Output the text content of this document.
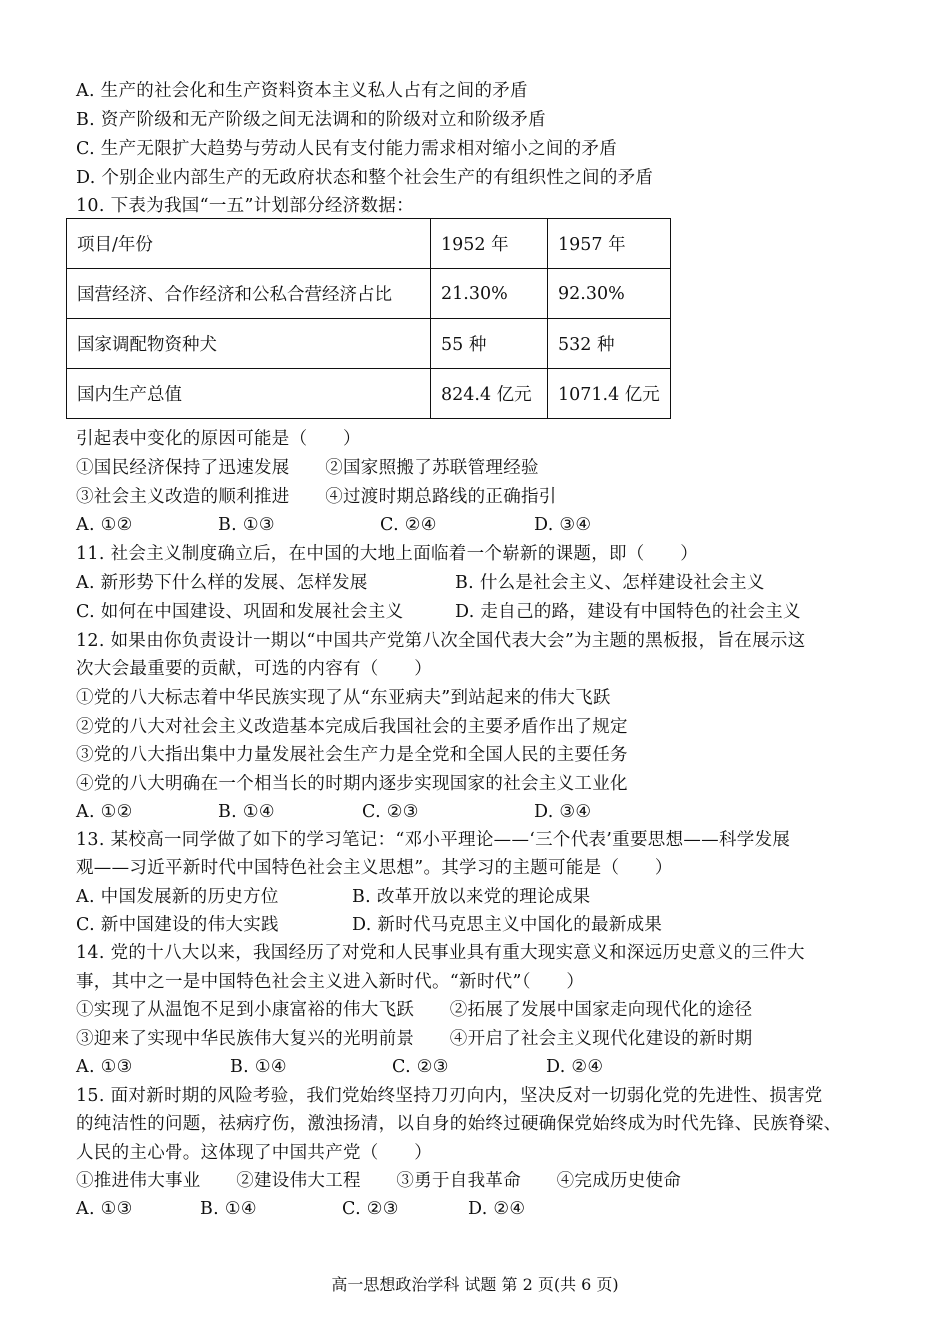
A. 生产的社会化和生产资料资本主义私人占有之间的矛盾
B. 资产阶级和无产阶级之间无法调和的阶级对立和阶级矛盾
C. 生产无限扩大趋势与劳动人民有支付能力需求相对缩小之间的矛盾
D. 个别企业内部生产的无政府状态和整个社会生产的有组织性之间的矛盾
10. 下表为我国“一五”计划部分经济数据：
项目/年份	1952 年	1957 年
国营经济、合作经济和公私合营经济占比	21.30%	92.30%
国家调配物资种犬	55 种	532 种
国内生产总值	824.4 亿元	1071.4 亿元
引起表中变化的原因可能是（　　）
①国民经济保持了迅速发展　　②国家照搬了苏联管理经验
③社会主义改造的顺利推进　　④过渡时期总路线的正确指引
A. ①②	B. ①③	C. ②④	D. ③④
11. 社会主义制度确立后，在中国的大地上面临着一个崭新的课题，即（　　）
A. 新形势下什么样的发展、怎样发展	B. 什么是社会主义、怎样建设社会主义
C. 如何在中国建设、巩固和发展社会主义	D. 走自己的路，建设有中国特色的社会主义
12. 如果由你负责设计一期以“中国共产党第八次全国代表大会”为主题的黑板报，旨在展示这
次大会最重要的贡献，可选的内容有（　　）
①党的八大标志着中华民族实现了从“东亚病夫”到站起来的伟大飞跃
②党的八大对社会主义改造基本完成后我国社会的主要矛盾作出了规定
③党的八大指出集中力量发展社会生产力是全党和全国人民的主要任务
④党的八大明确在一个相当长的时期内逐步实现国家的社会主义工业化
A. ①②	B. ①④	C. ②③	D. ③④
13. 某校高一同学做了如下的学习笔记：“邓小平理论——‘三个代表’重要思想——科学发展
观——习近平新时代中国特色社会主义思想”。其学习的主题可能是（　　）
A. 中国发展新的历史方位	B. 改革开放以来党的理论成果
C. 新中国建设的伟大实践	D. 新时代马克思主义中国化的最新成果
14. 党的十八大以来，我国经历了对党和人民事业具有重大现实意义和深远历史意义的三件大
事，其中之一是中国特色社会主义进入新时代。“新时代”（　　）
①实现了从温饱不足到小康富裕的伟大飞跃　　②拓展了发展中国家走向现代化的途径
③迎来了实现中华民族伟大复兴的光明前景　　④开启了社会主义现代化建设的新时期
A. ①③	B. ①④	C. ②③	D. ②④
15. 面对新时期的风险考验，我们党始终坚持刀刃向内，坚决反对一切弱化党的先进性、损害党
的纯洁性的问题，祛病疗伤，激浊扬清，以自身的始终过硬确保党始终成为时代先锋、民族脊梁、
人民的主心骨。这体现了中国共产党（　　）
①推进伟大事业　　②建设伟大工程　　③勇于自我革命　　④完成历史使命
A. ①③	B. ①④	C. ②③	D. ②④
高一思想政治学科 试题 第 2 页(共 6 页)
